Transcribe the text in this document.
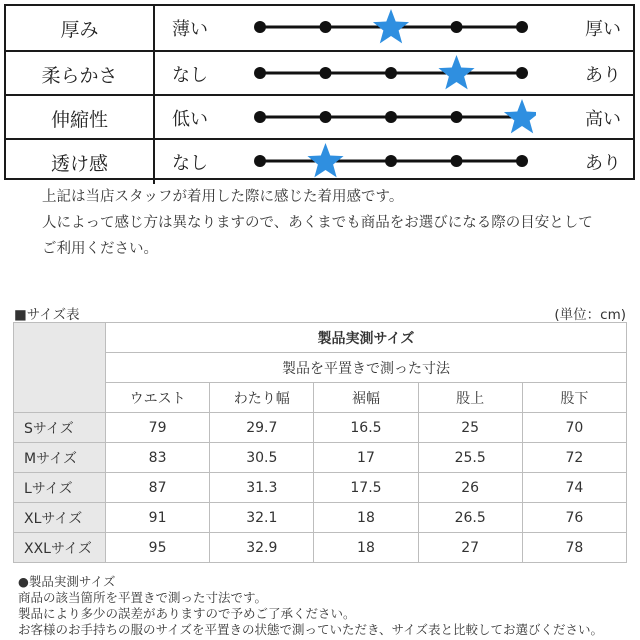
厚み	薄い	厚い
柔らかさ	なし	あり
伸縮性	低い	高い
透け感	なし	あり
上記は当店スタッフが着用した際に感じた着用感です。
人によって感じ方は異なりますので、あくまでも商品をお選びになる際の目安として
ご利用ください。
■サイズ表	(単位：cm)
	製品実測サイズ				
	製品を平置きで測った寸法				
	ウエスト	わたり幅	裾幅	股上	股下
Sサイズ	79	29.7	16.5	25	70
Mサイズ	83	30.5	17	25.5	72
Lサイズ	87	31.3	17.5	26	74
XLサイズ	91	32.1	18	26.5	76
XXLサイズ	95	32.9	18	27	78
●製品実測サイズ
商品の該当箇所を平置きで測った寸法です。
製品により多少の誤差がありますので予めご了承ください。
お客様のお手持ちの服のサイズを平置きの状態で測っていただき、サイズ表と比較してお選びください。
